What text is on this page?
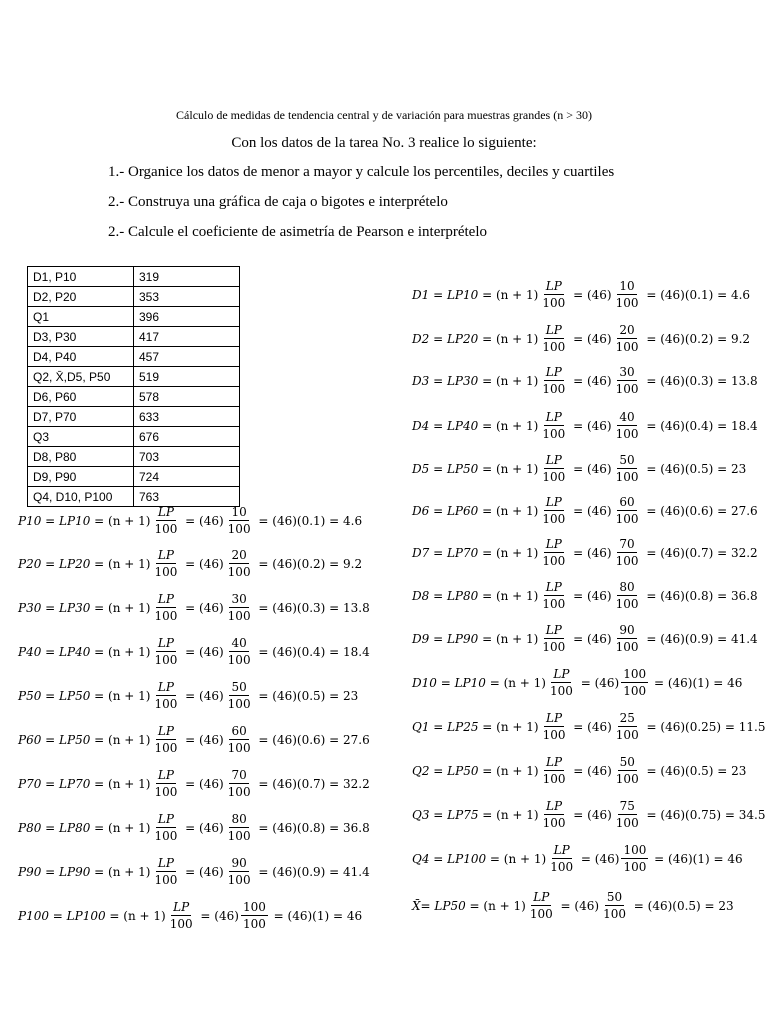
Cálculo de medidas de tendencia central y de variación para muestras grandes (n > 30)
Con los datos de la tarea No. 3 realice lo siguiente:
1.- Organice los datos de menor a mayor y calcule los percentiles, deciles y cuartiles
2.- Construya una gráfica de caja o bigotes e interprételo
2.- Calcule el coeficiente de asimetría de Pearson e interprételo
D1, P10	319
D2, P20	353
Q1	396
D3, P30	417
D4, P40	457
Q2, X̄,D5, P50	519
D6, P60	578
D7, P70	633
Q3	676
D8, P80	703
D9, P90	724
Q4, D10, P100	763
$P10 = LP10 = (n + 1) \frac{LP}{100} = (46) \frac{10}{100} = (46)(0.1) = 4.6$
$P20 = LP20 = (n + 1) \frac{LP}{100} = (46) \frac{20}{100} = (46)(0.2) = 9.2$
$P30 = LP30 = (n + 1) \frac{LP}{100} = (46) \frac{30}{100} = (46)(0.3) = 13.8$
$P40 = LP40 = (n + 1) \frac{LP}{100} = (46) \frac{40}{100} = (46)(0.4) = 18.4$
$P50 = LP50 = (n + 1) \frac{LP}{100} = (46) \frac{50}{100} = (46)(0.5) = 23$
$P60 = LP50 = (n + 1) \frac{LP}{100} = (46) \frac{60}{100} = (46)(0.6) = 27.6$
$P70 = LP70 = (n + 1) \frac{LP}{100} = (46) \frac{70}{100} = (46)(0.7) = 32.2$
$P80 = LP80 = (n + 1) \frac{LP}{100} = (46) \frac{80}{100} = (46)(0.8) = 36.8$
$P90 = LP90 = (n + 1) \frac{LP}{100} = (46) \frac{90}{100} = (46)(0.9) = 41.4$
$P100 = LP100 = (n + 1) \frac{LP}{100} = (46) \frac{100}{100} = (46)(1) = 46$
$D1 = LP10 = (n + 1) \frac{LP}{100} = (46) \frac{10}{100} = (46)(0.1) = 4.6$
$D2 = LP20 = (n + 1) \frac{LP}{100} = (46) \frac{20}{100} = (46)(0.2) = 9.2$
$D3 = LP30 = (n + 1) \frac{LP}{100} = (46) \frac{30}{100} = (46)(0.3) = 13.8$
$D4 = LP40 = (n + 1) \frac{LP}{100} = (46) \frac{40}{100} = (46)(0.4) = 18.4$
$D5 = LP50 = (n + 1) \frac{LP}{100} = (46) \frac{50}{100} = (46)(0.5) = 23$
$D6 = LP60 = (n + 1) \frac{LP}{100} = (46) \frac{60}{100} = (46)(0.6) = 27.6$
$D7 = LP70 = (n + 1) \frac{LP}{100} = (46) \frac{70}{100} = (46)(0.7) = 32.2$
$D8 = LP80 = (n + 1) \frac{LP}{100} = (46) \frac{80}{100} = (46)(0.8) = 36.8$
$D9 = LP90 = (n + 1) \frac{LP}{100} = (46) \frac{90}{100} = (46)(0.9) = 41.4$
$D10 = LP10 = (n + 1) \frac{LP}{100} = (46) \frac{100}{100} = (46)(1) = 46$
$Q1 = LP25 = (n + 1) \frac{LP}{100} = (46) \frac{25}{100} = (46)(0.25) = 11.5$
$Q2 = LP50 = (n + 1) \frac{LP}{100} = (46) \frac{50}{100} = (46)(0.5) = 23$
$Q3 = LP75 = (n + 1) \frac{LP}{100} = (46) \frac{75}{100} = (46)(0.75) = 34.5$
$Q4 = LP100 = (n + 1) \frac{LP}{100} = (46) \frac{100}{100} = (46)(1) = 46$
X̄= $LP50 = (n + 1) \frac{LP}{100} = (46) \frac{50}{100} = (46)(0.5) = 23$
